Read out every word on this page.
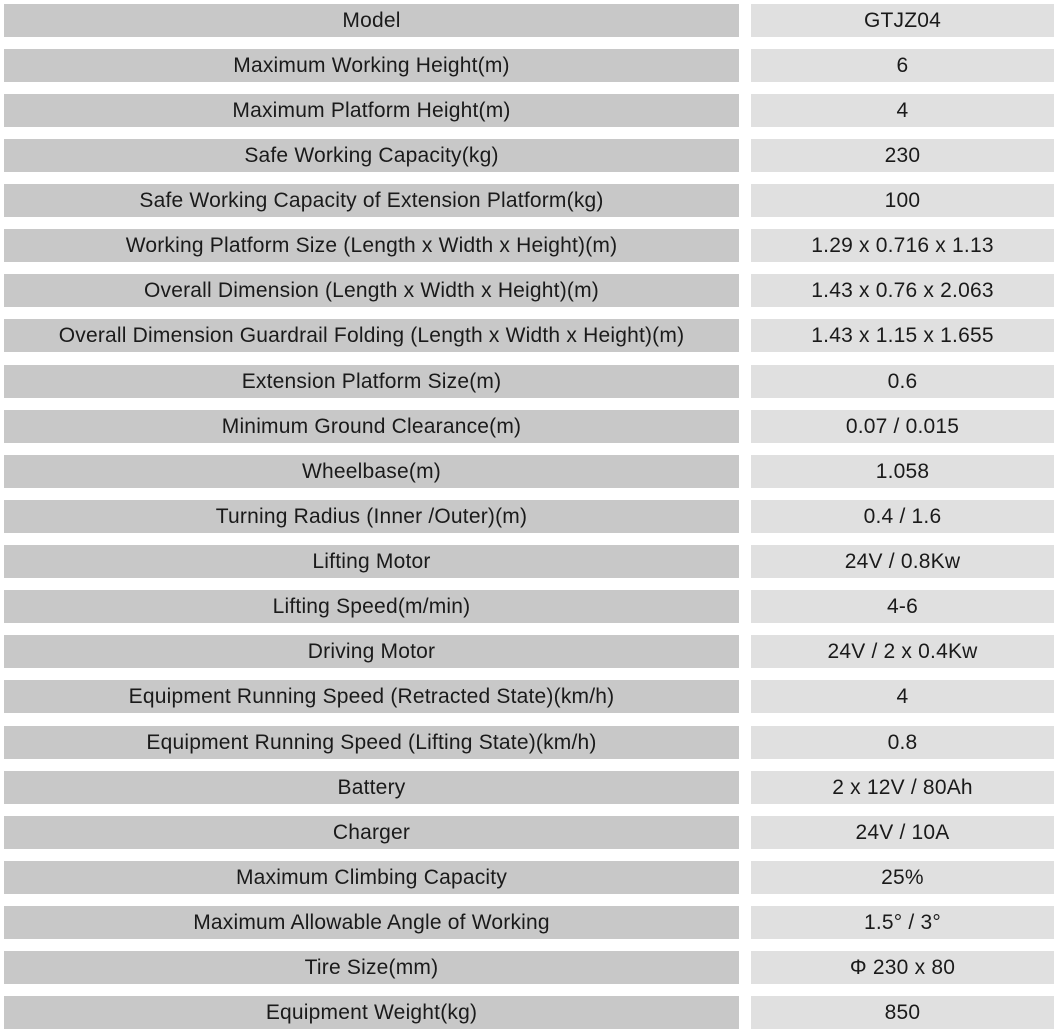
Model	GTJZ04
Maximum Working Height(m)	6
Maximum Platform Height(m)	4
Safe Working Capacity(kg)	230
Safe Working Capacity of Extension Platform(kg)	100
Working Platform Size (Length x Width x Height)(m)	1.29 x 0.716 x 1.13
Overall Dimension (Length x Width x Height)(m)	1.43 x 0.76 x 2.063
Overall Dimension Guardrail Folding (Length x Width x Height)(m)	1.43 x 1.15 x 1.655
Extension Platform Size(m)	0.6
Minimum Ground Clearance(m)	0.07 / 0.015
Wheelbase(m)	1.058
Turning Radius (Inner /Outer)(m)	0.4 / 1.6
Lifting Motor	24V / 0.8Kw
Lifting Speed(m/min)	4-6
Driving Motor	24V / 2 x 0.4Kw
Equipment Running Speed (Retracted State)(km/h)	4
Equipment Running Speed (Lifting State)(km/h)	0.8
Battery	2 x 12V / 80Ah
Charger	24V / 10A
Maximum Climbing Capacity	25%
Maximum Allowable Angle of Working	1.5° / 3°
Tire Size(mm)	Φ 230 x 80
Equipment Weight(kg)	850
